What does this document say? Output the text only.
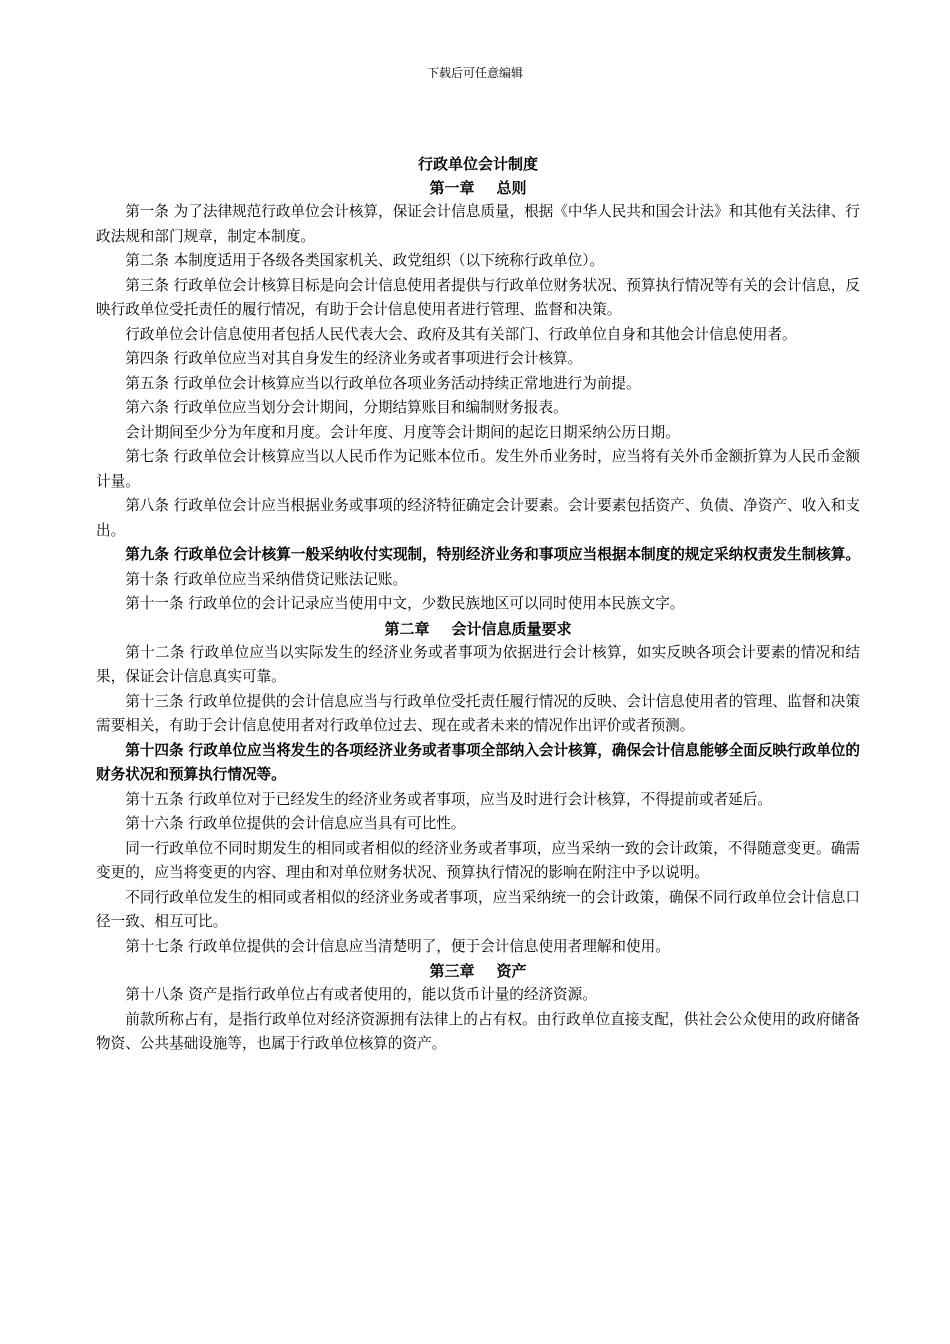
下载后可任意编辑
行政单位会计制度
第一章 总则

第一条 为了法律规范行政单位会计核算，保证会计信息质量，根据《中华人民共和国会计法》和其他有关法律、行政法规和部门规章，制定本制度。

第二条 本制度适用于各级各类国家机关、政党组织（以下统称行政单位）。

第三条 行政单位会计核算目标是向会计信息使用者提供与行政单位财务状况、预算执行情况等有关的会计信息，反映行政单位受托责任的履行情况，有助于会计信息使用者进行管理、监督和决策。

行政单位会计信息使用者包括人民代表大会、政府及其有关部门、行政单位自身和其他会计信息使用者。

第四条 行政单位应当对其自身发生的经济业务或者事项进行会计核算。

第五条 行政单位会计核算应当以行政单位各项业务活动持续正常地进行为前提。

第六条 行政单位应当划分会计期间，分期结算账目和编制财务报表。

会计期间至少分为年度和月度。会计年度、月度等会计期间的起讫日期采纳公历日期。

第七条 行政单位会计核算应当以人民币作为记账本位币。发生外币业务时，应当将有关外币金额折算为人民币金额计量。

第八条 行政单位会计应当根据业务或事项的经济特征确定会计要素。会计要素包括资产、负债、净资产、收入和支出。

第九条 行政单位会计核算一般采纳收付实现制，特别经济业务和事项应当根据本制度的规定采纳权责发生制核算。

第十条 行政单位应当采纳借贷记账法记账。

第十一条 行政单位的会计记录应当使用中文，少数民族地区可以同时使用本民族文字。

第二章 会计信息质量要求

第十二条 行政单位应当以实际发生的经济业务或者事项为依据进行会计核算，如实反映各项会计要素的情况和结果，保证会计信息真实可靠。

第十三条 行政单位提供的会计信息应当与行政单位受托责任履行情况的反映、会计信息使用者的管理、监督和决策需要相关，有助于会计信息使用者对行政单位过去、现在或者未来的情况作出评价或者预测。

第十四条 行政单位应当将发生的各项经济业务或者事项全部纳入会计核算，确保会计信息能够全面反映行政单位的财务状况和预算执行情况等。

第十五条 行政单位对于已经发生的经济业务或者事项，应当及时进行会计核算，不得提前或者延后。

第十六条 行政单位提供的会计信息应当具有可比性。

同一行政单位不同时期发生的相同或者相似的经济业务或者事项，应当采纳一致的会计政策，不得随意变更。确需变更的，应当将变更的内容、理由和对单位财务状况、预算执行情况的影响在附注中予以说明。

不同行政单位发生的相同或者相似的经济业务或者事项，应当采纳统一的会计政策，确保不同行政单位会计信息口径一致、相互可比。

第十七条 行政单位提供的会计信息应当清楚明了，便于会计信息使用者理解和使用。

第三章 资产

第十八条 资产是指行政单位占有或者使用的，能以货币计量的经济资源。

前款所称占有，是指行政单位对经济资源拥有法律上的占有权。由行政单位直接支配，供社会公众使用的政府储备物资、公共基础设施等，也属于行政单位核算的资产。
